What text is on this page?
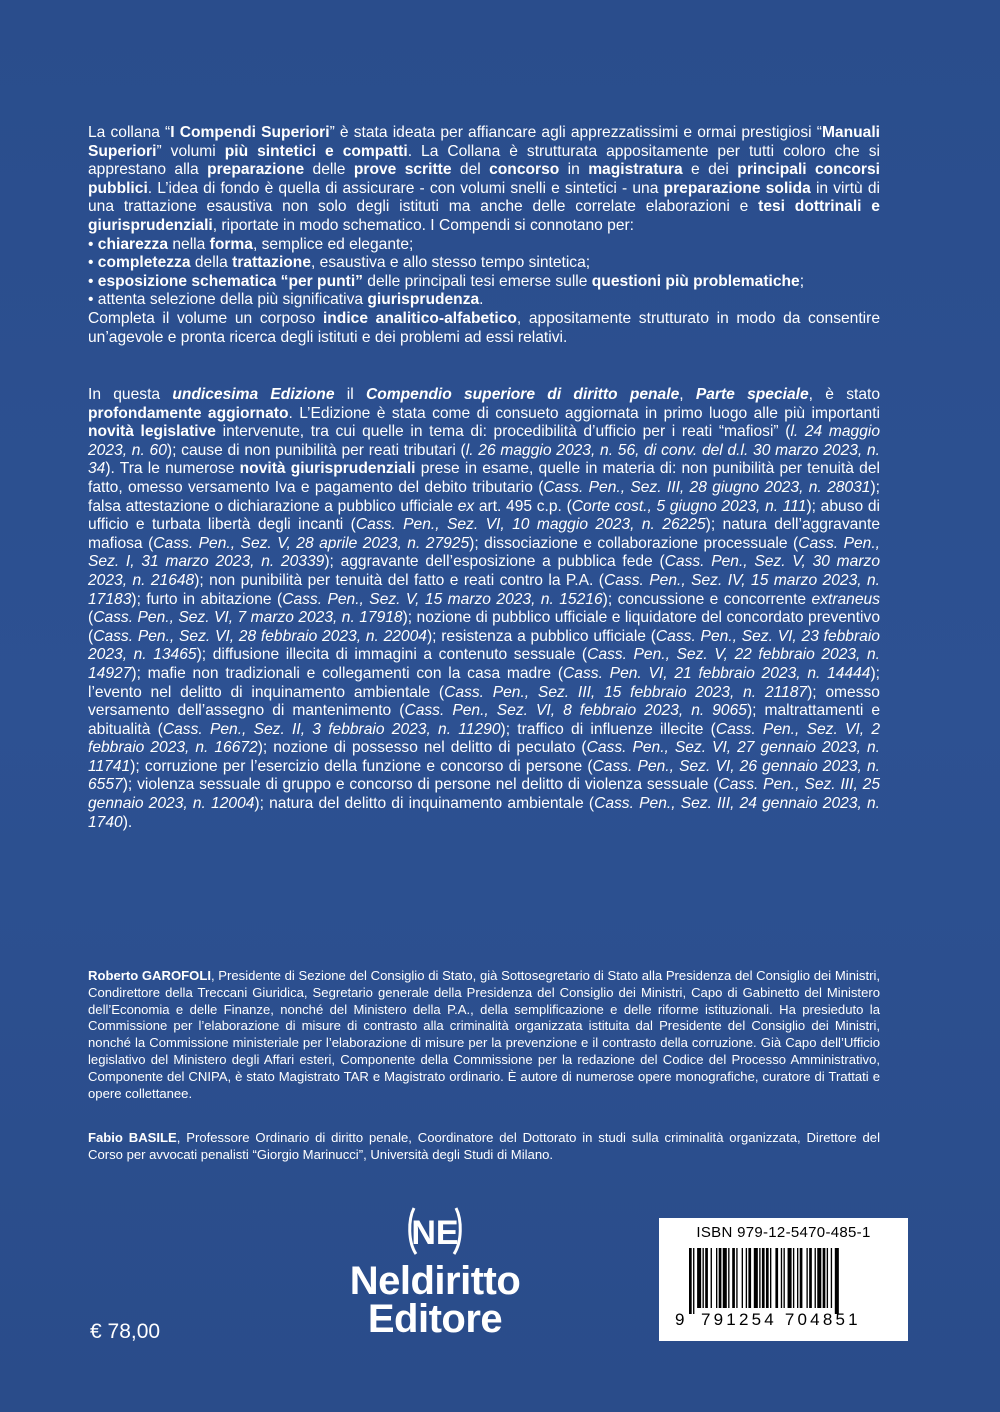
La collana “I Compendi Superiori” è stata ideata per affiancare agli apprezzatissimi e ormai prestigiosi “Manuali Superiori” volumi più sintetici e compatti. La Collana è strutturata appositamente per tutti coloro che si apprestano alla preparazione delle prove scritte del concorso in magistratura e dei principali concorsi pubblici. L’idea di fondo è quella di assicurare - con volumi snelli e sintetici - una preparazione solida in virtù di una trattazione esaustiva non solo degli istituti ma anche delle correlate elaborazioni e tesi dottrinali e giurisprudenziali, riportate in modo schematico. I Compendi si connotano per:
• chiarezza nella forma, semplice ed elegante;
• completezza della trattazione, esaustiva e allo stesso tempo sintetica;
• esposizione schematica “per punti” delle principali tesi emerse sulle questioni più problematiche;
• attenta selezione della più significativa giurisprudenza.
Completa il volume un corposo indice analitico-alfabetico, appositamente strutturato in modo da consentire un’agevole e pronta ricerca degli istituti e dei problemi ad essi relativi.
In questa undicesima Edizione il Compendio superiore di diritto penale, Parte speciale, è stato profondamente aggiornato. L’Edizione è stata come di consueto aggiornata in primo luogo alle più importanti novità legislative intervenute, tra cui quelle in tema di: procedibilità d’ufficio per i reati “mafiosi” (l. 24 maggio 2023, n. 60); cause di non punibilità per reati tributari (l. 26 maggio 2023, n. 56, di conv. del d.l. 30 marzo 2023, n. 34). Tra le numerose novità giurisprudenziali prese in esame, quelle in materia di: non punibilità per tenuità del fatto, omesso versamento Iva e pagamento del debito tributario (Cass. Pen., Sez. III, 28 giugno 2023, n. 28031); falsa attestazione o dichiarazione a pubblico ufficiale ex art. 495 c.p. (Corte cost., 5 giugno 2023, n. 111); abuso di ufficio e turbata libertà degli incanti (Cass. Pen., Sez. VI, 10 maggio 2023, n. 26225); natura dell’aggravante mafiosa (Cass. Pen., Sez. V, 28 aprile 2023, n. 27925); dissociazione e collaborazione processuale (Cass. Pen., Sez. I, 31 marzo 2023, n. 20339); aggravante dell’esposizione a pubblica fede (Cass. Pen., Sez. V, 30 marzo 2023, n. 21648); non punibilità per tenuità del fatto e reati contro la P.A. (Cass. Pen., Sez. IV, 15 marzo 2023, n. 17183); furto in abitazione (Cass. Pen., Sez. V, 15 marzo 2023, n. 15216); concussione e concorrente extraneus (Cass. Pen., Sez. VI, 7 marzo 2023, n. 17918); nozione di pubblico ufficiale e liquidatore del concordato preventivo (Cass. Pen., Sez. VI, 28 febbraio 2023, n. 22004); resistenza a pubblico ufficiale (Cass. Pen., Sez. VI, 23 febbraio 2023, n. 13465); diffusione illecita di immagini a contenuto sessuale (Cass. Pen., Sez. V, 22 febbraio 2023, n. 14927); mafie non tradizionali e collegamenti con la casa madre (Cass. Pen. VI, 21 febbraio 2023, n. 14444); l’evento nel delitto di inquinamento ambientale (Cass. Pen., Sez. III, 15 febbraio 2023, n. 21187); omesso versamento dell’assegno di mantenimento (Cass. Pen., Sez. VI, 8 febbraio 2023, n. 9065); maltrattamenti e abitualità (Cass. Pen., Sez. II, 3 febbraio 2023, n. 11290); traffico di influenze illecite (Cass. Pen., Sez. VI, 2 febbraio 2023, n. 16672); nozione di possesso nel delitto di peculato (Cass. Pen., Sez. VI, 27 gennaio 2023, n. 11741); corruzione per l’esercizio della funzione e concorso di persone (Cass. Pen., Sez. VI, 26 gennaio 2023, n. 6557); violenza sessuale di gruppo e concorso di persone nel delitto di violenza sessuale (Cass. Pen., Sez. III, 25 gennaio 2023, n. 12004); natura del delitto di inquinamento ambientale (Cass. Pen., Sez. III, 24 gennaio 2023, n. 1740).
Roberto GAROFOLI, Presidente di Sezione del Consiglio di Stato, già Sottosegretario di Stato alla Presidenza del Consiglio dei Ministri, Condirettore della Treccani Giuridica, Segretario generale della Presidenza del Consiglio dei Ministri, Capo di Gabinetto del Ministero dell’Economia e delle Finanze, nonché del Ministero della P.A., della semplificazione e delle riforme istituzionali. Ha presieduto la Commissione per l’elaborazione di misure di contrasto alla criminalità organizzata istituita dal Presidente del Consiglio dei Ministri, nonché la Commissione ministeriale per l’elaborazione di misure per la prevenzione e il contrasto della corruzione. Già Capo dell’Ufficio legislativo del Ministero degli Affari esteri, Componente della Commissione per la redazione del Codice del Processo Amministrativo, Componente del CNIPA, è stato Magistrato TAR e Magistrato ordinario. È autore di numerose opere monografiche, curatore di Trattati e opere collettanee.
Fabio BASILE, Professore Ordinario di diritto penale, Coordinatore del Dottorato in studi sulla criminalità organizzata, Direttore del Corso per avvocati penalisti “Giorgio Marinucci”, Università degli Studi di Milano.
NE
Neldiritto
Editore
€ 78,00
ISBN 979-12-5470-485-1
9 791254 704851
